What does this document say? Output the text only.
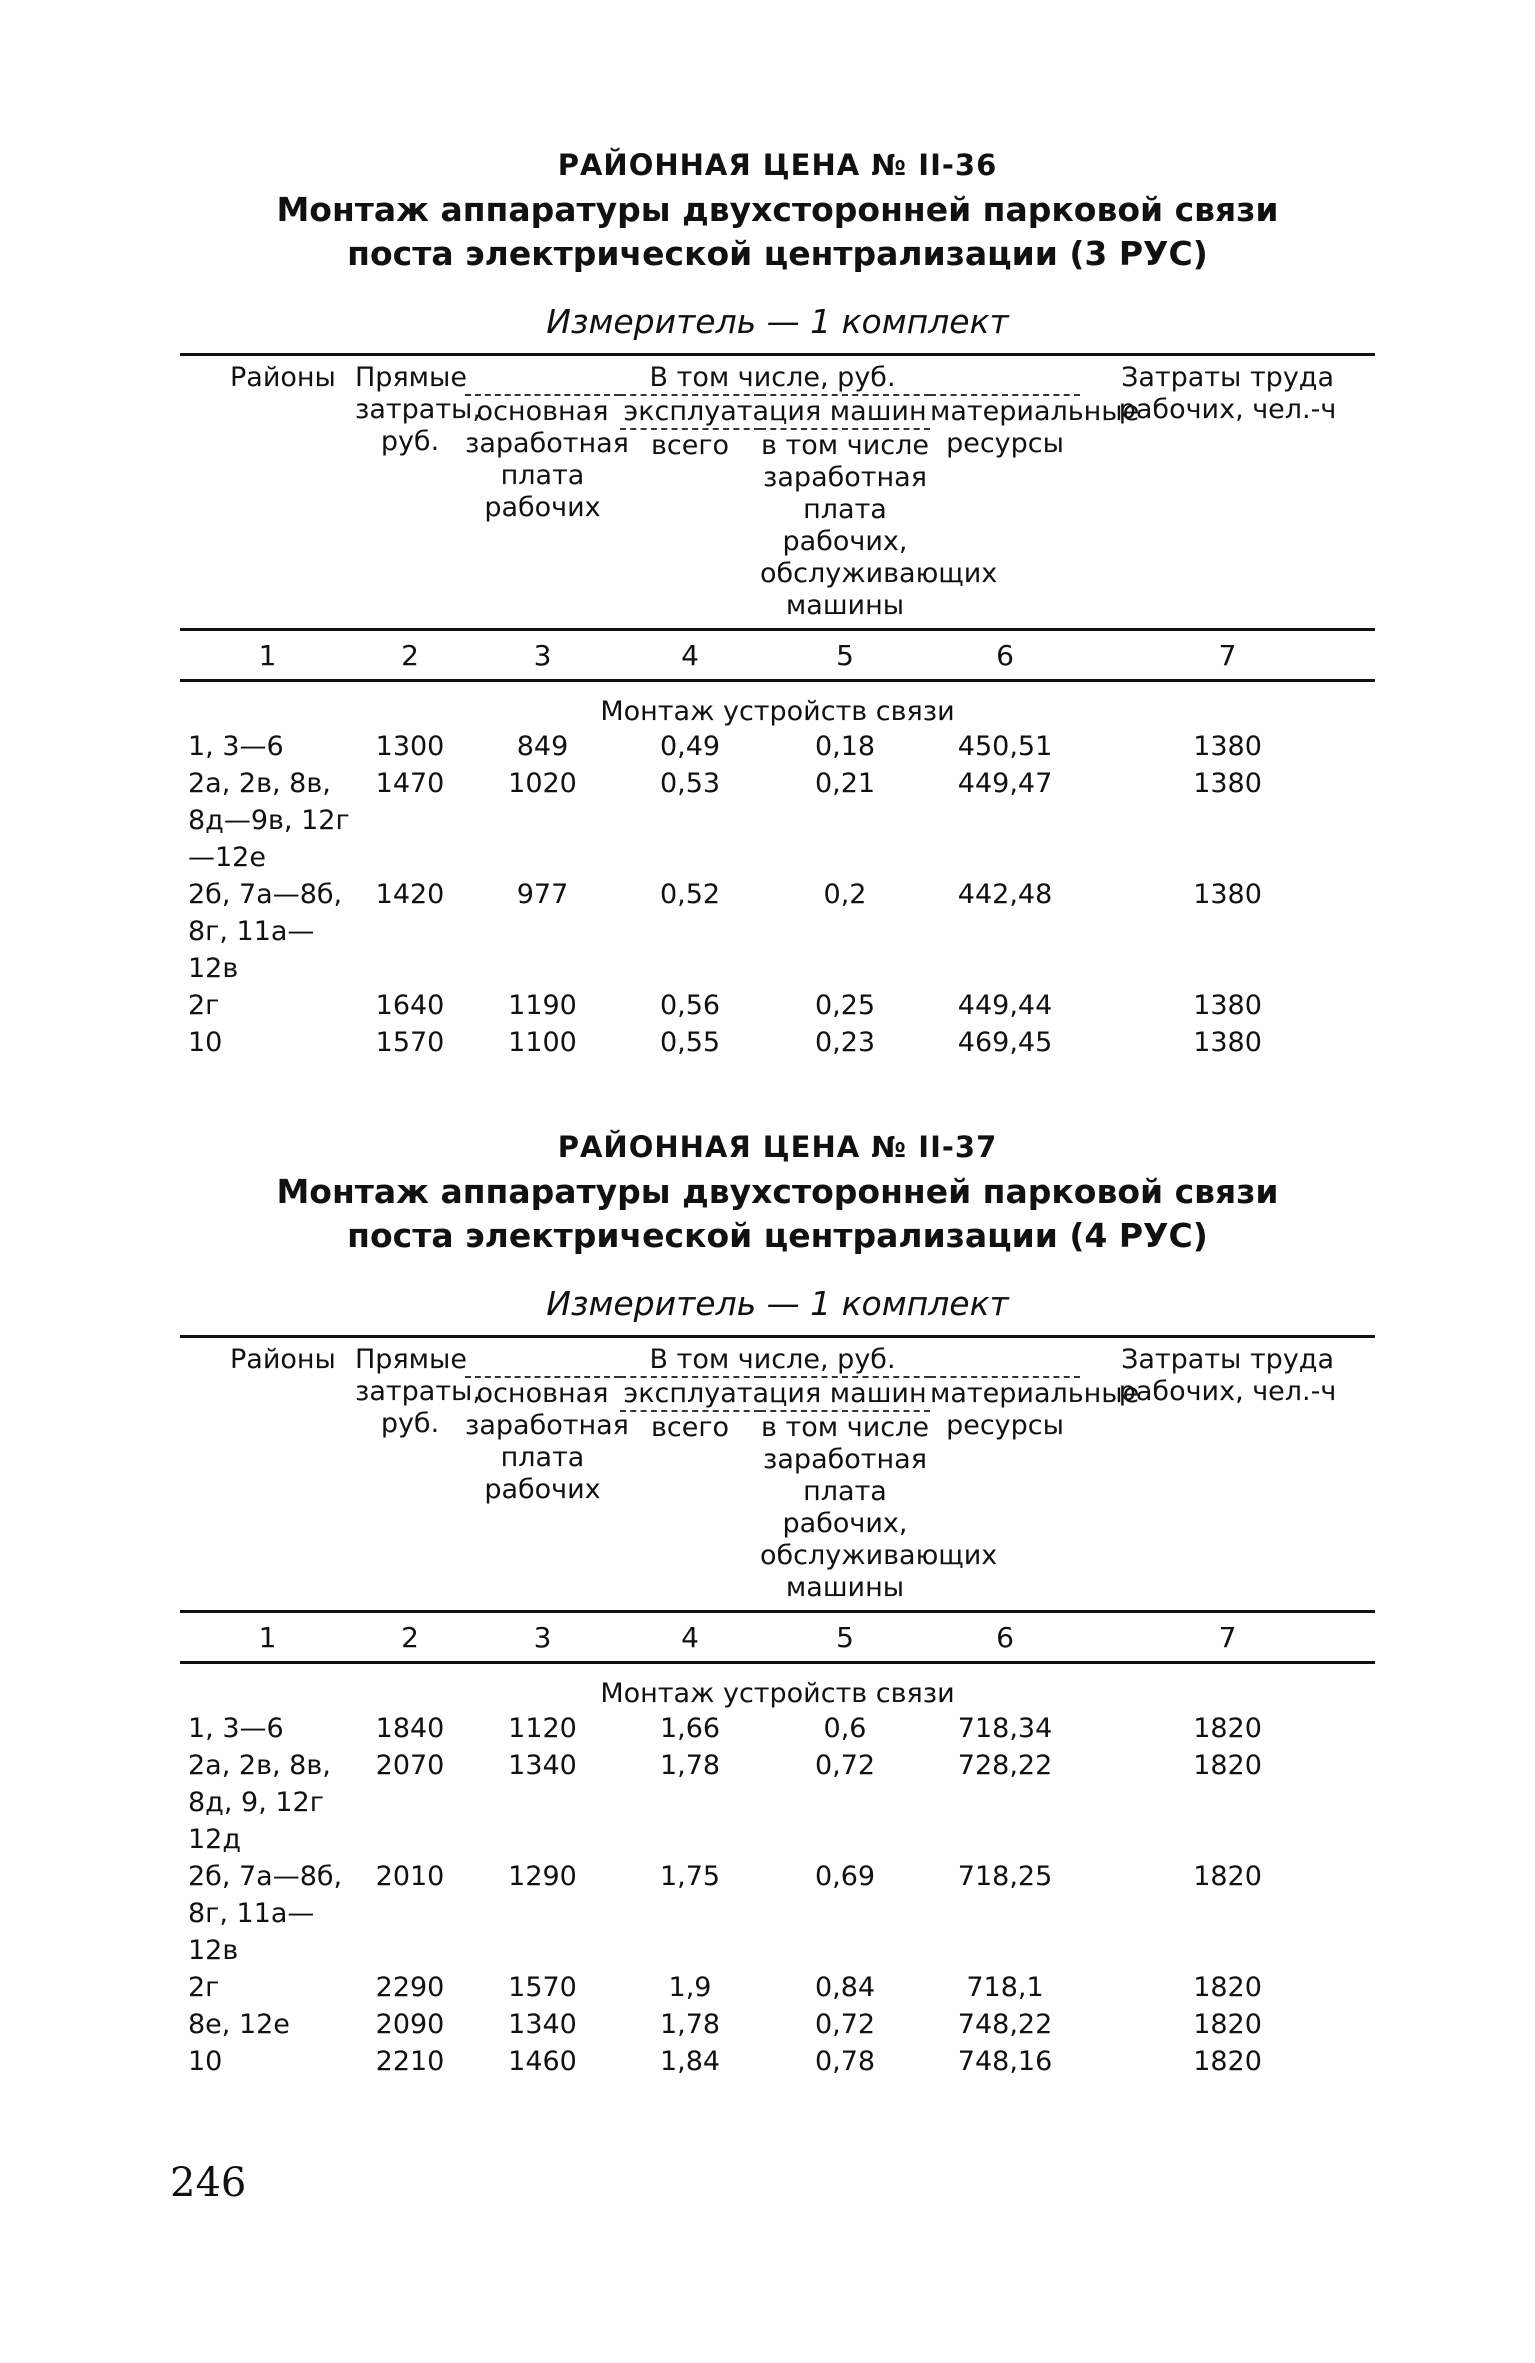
РАЙОННАЯ ЦЕНА № II-36
Монтаж аппаратуры двухсторонней парковой связи
поста электрической централизации (3 РУС)
Измеритель — 1 комплект
Районы	Прямые затраты, руб.	В том числе, руб.				Затраты труда рабочих, чел.-ч
		основная заработная плата рабочих	эксплуатация машин		материальные ресурсы	
			всего	в том числе заработная плата рабочих, обслуживающих машины		
1	2	3	4	5	6	7
Монтаж устройств связи						
1, 3—6	1300	849	0,49	0,18	450,51	1380
2а, 2в, 8в, 8д—9в, 12г—12е	1470	1020	0,53	0,21	449,47	1380
2б, 7а—8б, 8г, 11а—12в	1420	977	0,52	0,2	442,48	1380
2г	1640	1190	0,56	0,25	449,44	1380
10	1570	1100	0,55	0,23	469,45	1380
РАЙОННАЯ ЦЕНА № II-37
Монтаж аппаратуры двухсторонней парковой связи
поста электрической централизации (4 РУС)
Измеритель — 1 комплект
Районы	Прямые затраты, руб.	В том числе, руб.				Затраты труда рабочих, чел.-ч
		основная заработная плата рабочих	эксплуатация машин		материальные ресурсы	
			всего	в том числе заработная плата рабочих, обслуживающих машины		
1	2	3	4	5	6	7
Монтаж устройств связи						
1, 3—6	1840	1120	1,66	0,6	718,34	1820
2а, 2в, 8в, 8д, 9, 12г 12д	2070	1340	1,78	0,72	728,22	1820
2б, 7а—8б, 8г, 11а—12в	2010	1290	1,75	0,69	718,25	1820
2г	2290	1570	1,9	0,84	718,1	1820
8е, 12е	2090	1340	1,78	0,72	748,22	1820
10	2210	1460	1,84	0,78	748,16	1820
246
